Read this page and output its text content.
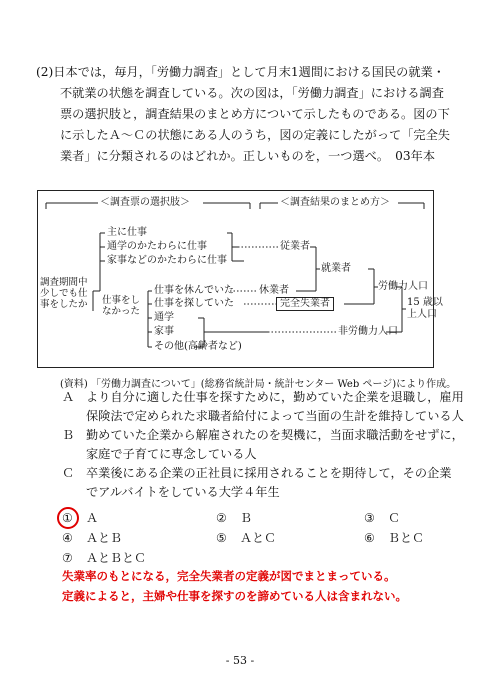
(2)日本では，毎月，「労働力調査」として月末1週間における国民の就業・
不就業の状態を調査している。次の図は，「労働力調査」における調査
票の選択肢と，調査結果のまとめ方について示したものである。図の下
に示したＡ～Ｃの状態にある人のうち，図の定義にしたがって「完全失
業者」に分類されるのはどれか。正しいものを，一つ選べ。　03年本
＜調査票の選択肢＞	＜調査結果のまとめ方＞
調査期間中
少しでも仕
事をしたか
主に仕事
通学のかたわらに仕事
家事などのかたわらに仕事
仕事をし
なかった
仕事を休んでいた
仕事を探していた
通学
家事
その他(高齢者など)
従業者
休業者
完全失業者
就業者
労働力人口
非労働力人口
15 歳以
上人口
(資料) 「労働力調査について」(総務省統計局・統計センター Web ページ)により作成。
Ａ より自分に適した仕事を探すために，勤めていた企業を退職し，雇用
保険法で定められた求職者給付によって当面の生計を維持している人
Ｂ 勤めていた企業から解雇されたのを契機に，当面求職活動をせずに，
家庭で子育てに専念している人
Ｃ 卒業後にある企業の正社員に採用されることを期待して，その企業
でアルバイトをしている大学４年生
① Ａ	② Ｂ	③ Ｃ
④ ＡとＢ	⑤ ＡとＣ	⑥ ＢとＣ
⑦ ＡとＢとＣ
失業率のもとになる，完全失業者の定義が図でまとまっている。
定義によると，主婦や仕事を探すのを諦めている人は含まれない。
- 53 -
